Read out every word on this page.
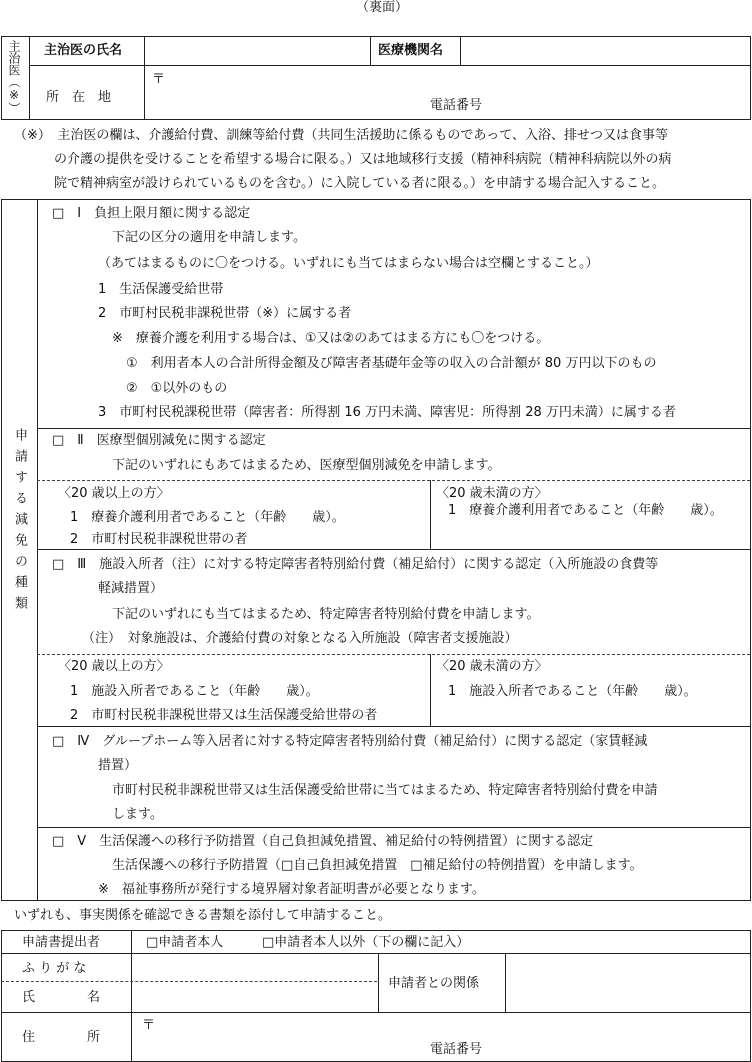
（裏面）
主治医（※） 主治医の氏名	医療機関名
所　在　地
〒
電話番号
（※）　主治医の欄は、介護給付費、訓練等給付費（共同生活援助に係るものであって、入浴、排せつ又は食事等
の介護の提供を受けることを希望する場合に限る。）又は地域移行支援（精神科病院（精神科病院以外の病
院で精神病室が設けられているものを含む。）に入院している者に限る。）を申請する場合記入すること。
申請する減免の種類
□　Ⅰ　負担上限月額に関する認定
下記の区分の適用を申請します。
（あてはまるものに〇をつける。いずれにも当てはまらない場合は空欄とすること。）
1　生活保護受給世帯
2　市町村民税非課税世帯（※）に属する者
※　療養介護を利用する場合は、①又は②のあてはまる方にも〇をつける。
①　利用者本人の合計所得金額及び障害者基礎年金等の収入の合計額が 80 万円以下のもの
②　①以外のもの
3　市町村民税課税世帯（障害者：所得割 16 万円未満、障害児：所得割 28 万円未満）に属する者
□　Ⅱ　医療型個別減免に関する認定
下記のいずれにもあてはまるため、医療型個別減免を申請します。
〈20 歳以上の方〉
1　療養介護利用者であること（年齢　　歳）。
2　市町村民税非課税世帯の者
〈20 歳未満の方〉
1　療養介護利用者であること（年齢　　歳）。
□　Ⅲ　施設入所者（注）に対する特定障害者特別給付費（補足給付）に関する認定（入所施設の食費等
軽減措置）
下記のいずれにも当てはまるため、特定障害者特別給付費を申請します。
（注）　対象施設は、介護給付費の対象となる入所施設（障害者支援施設）
〈20 歳以上の方〉
1　施設入所者であること（年齢　　歳）。
2　市町村民税非課税世帯又は生活保護受給世帯の者
〈20 歳未満の方〉
1　施設入所者であること（年齢　　歳）。
□　Ⅳ　グループホーム等入居者に対する特定障害者特別給付費（補足給付）に関する認定（家賃軽減
措置）
市町村民税非課税世帯又は生活保護受給世帯に当てはまるため、特定障害者特別給付費を申請
します。
□　Ⅴ　生活保護への移行予防措置（自己負担減免措置、補足給付の特例措置）に関する認定
生活保護への移行予防措置（□自己負担減免措置　□補足給付の特例措置）を申請します。
※　福祉事務所が発行する境界層対象者証明書が必要となります。
いずれも、事実関係を確認できる書類を添付して申請すること。
申請書提出者	□申請者本人	□申請者本人以外（下の欄に記入）
ふ り が な
氏　　　　名
申請者との関係
住　　　　所
〒
電話番号
